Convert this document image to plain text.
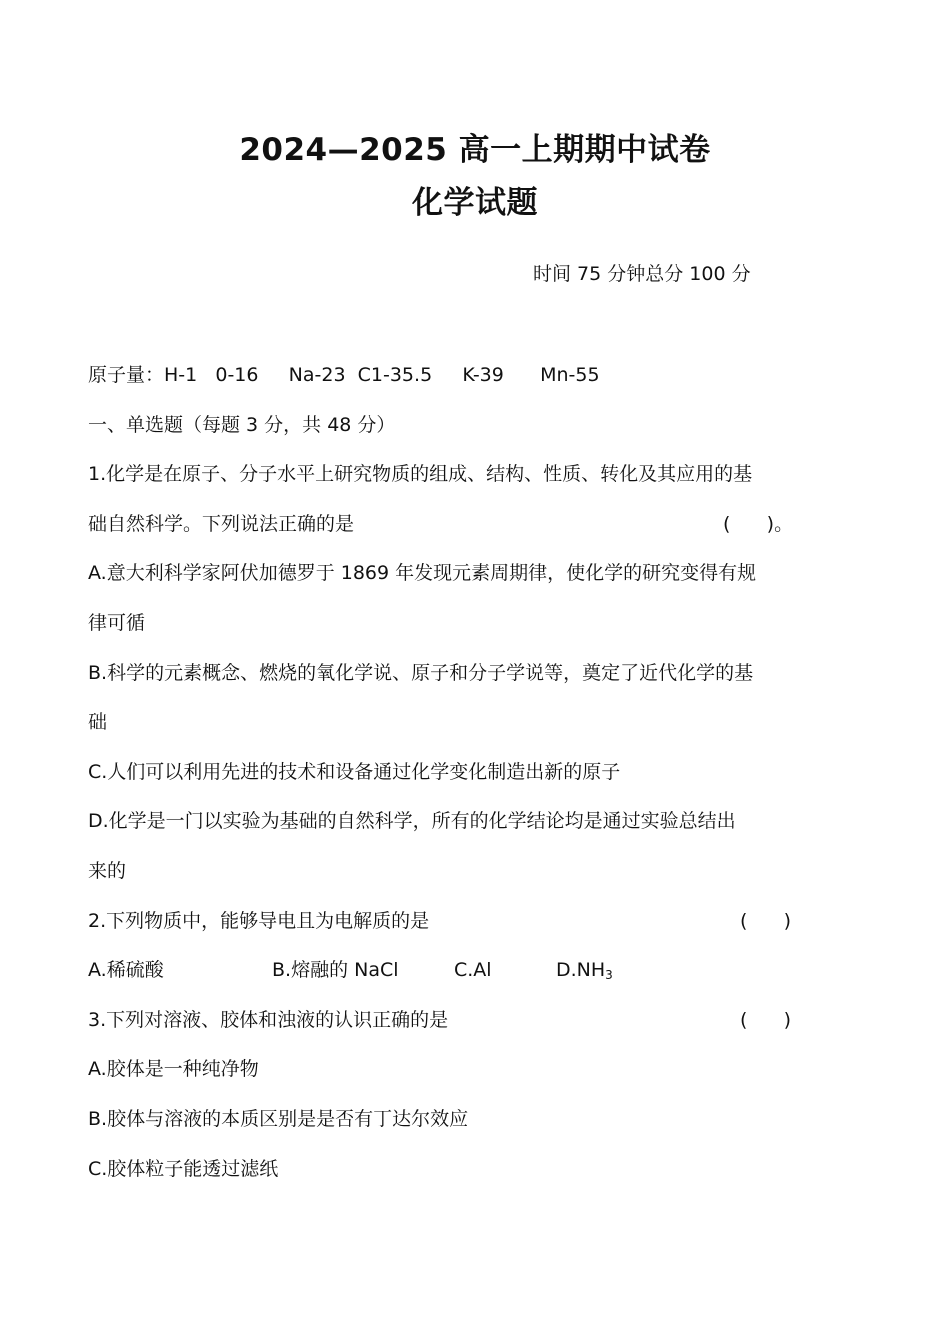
2024—2025 高一上期期中试卷
化学试题
时间 75 分钟总分 100 分
原子量：H-1   0-16     Na-23  C1-35.5     K-39      Mn-55
一、单选题（每题 3 分，共 48 分）
1.化学是在原子、分子水平上研究物质的组成、结构、性质、转化及其应用的基
础自然科学。下列说法正确的是	(      )。
A.意大利科学家阿伏加德罗于 1869 年发现元素周期律，使化学的研究变得有规
律可循
B.科学的元素概念、燃烧的氧化学说、原子和分子学说等，奠定了近代化学的基
础
C.人们可以利用先进的技术和设备通过化学变化制造出新的原子
D.化学是一门以实验为基础的自然科学，所有的化学结论均是通过实验总结出
来的
2.下列物质中，能够导电且为电解质的是	(      )
A.稀硫酸	B.熔融的 NaCl	C.Al	$D.NH_3$
3.下列对溶液、胶体和浊液的认识正确的是	(      )
A.胶体是一种纯净物
B.胶体与溶液的本质区别是是否有丁达尔效应
C.胶体粒子能透过滤纸
